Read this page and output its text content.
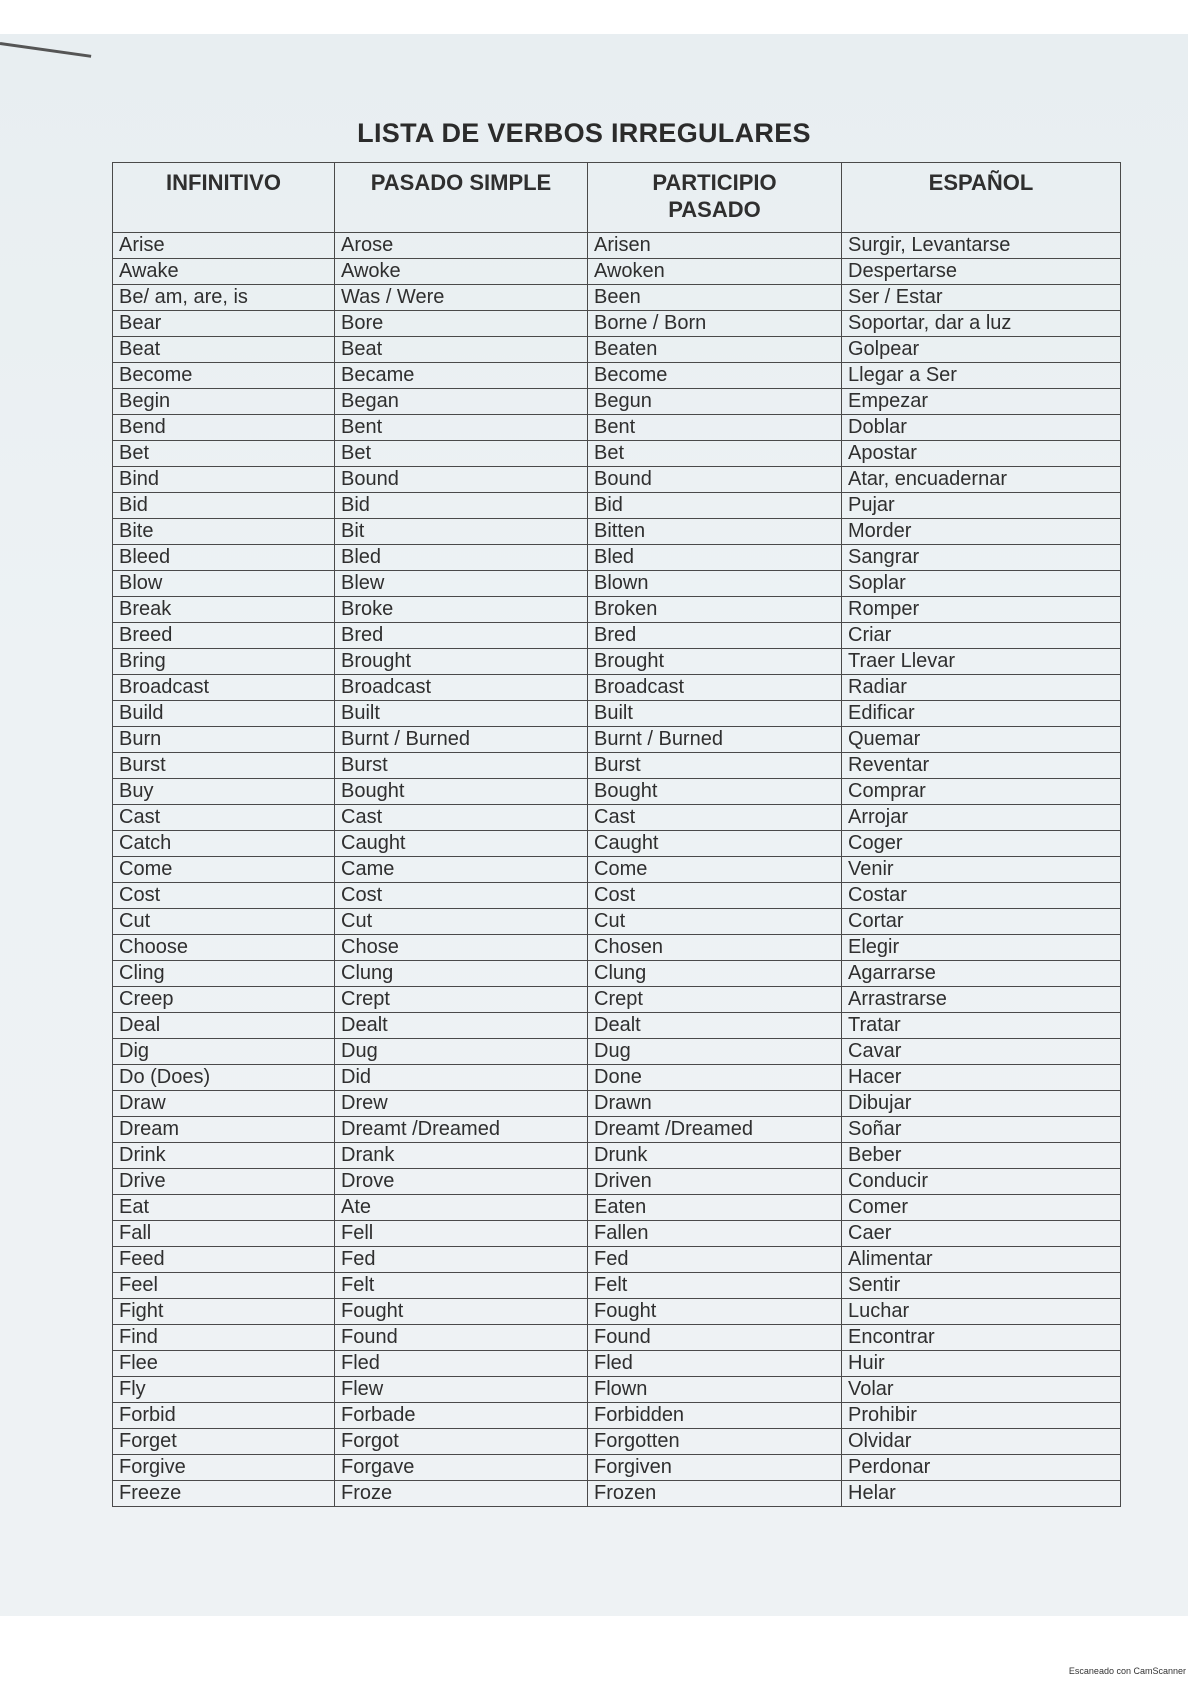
LISTA DE VERBOS IRREGULARES
INFINITIVO	PASADO SIMPLE	PARTICIPIO PASADO	ESPAÑOL
Arise	Arose	Arisen	Surgir, Levantarse
Awake	Awoke	Awoken	Despertarse
Be/ am, are, is	Was / Were	Been	Ser / Estar
Bear	Bore	Borne / Born	Soportar, dar a luz
Beat	Beat	Beaten	Golpear
Become	Became	Become	Llegar a Ser
Begin	Began	Begun	Empezar
Bend	Bent	Bent	Doblar
Bet	Bet	Bet	Apostar
Bind	Bound	Bound	Atar, encuadernar
Bid	Bid	Bid	Pujar
Bite	Bit	Bitten	Morder
Bleed	Bled	Bled	Sangrar
Blow	Blew	Blown	Soplar
Break	Broke	Broken	Romper
Breed	Bred	Bred	Criar
Bring	Brought	Brought	Traer Llevar
Broadcast	Broadcast	Broadcast	Radiar
Build	Built	Built	Edificar
Burn	Burnt / Burned	Burnt / Burned	Quemar
Burst	Burst	Burst	Reventar
Buy	Bought	Bought	Comprar
Cast	Cast	Cast	Arrojar
Catch	Caught	Caught	Coger
Come	Came	Come	Venir
Cost	Cost	Cost	Costar
Cut	Cut	Cut	Cortar
Choose	Chose	Chosen	Elegir
Cling	Clung	Clung	Agarrarse
Creep	Crept	Crept	Arrastrarse
Deal	Dealt	Dealt	Tratar
Dig	Dug	Dug	Cavar
Do (Does)	Did	Done	Hacer
Draw	Drew	Drawn	Dibujar
Dream	Dreamt /Dreamed	Dreamt /Dreamed	Soñar
Drink	Drank	Drunk	Beber
Drive	Drove	Driven	Conducir
Eat	Ate	Eaten	Comer
Fall	Fell	Fallen	Caer
Feed	Fed	Fed	Alimentar
Feel	Felt	Felt	Sentir
Fight	Fought	Fought	Luchar
Find	Found	Found	Encontrar
Flee	Fled	Fled	Huir
Fly	Flew	Flown	Volar
Forbid	Forbade	Forbidden	Prohibir
Forget	Forgot	Forgotten	Olvidar
Forgive	Forgave	Forgiven	Perdonar
Freeze	Froze	Frozen	Helar
Escaneado con CamScanner
